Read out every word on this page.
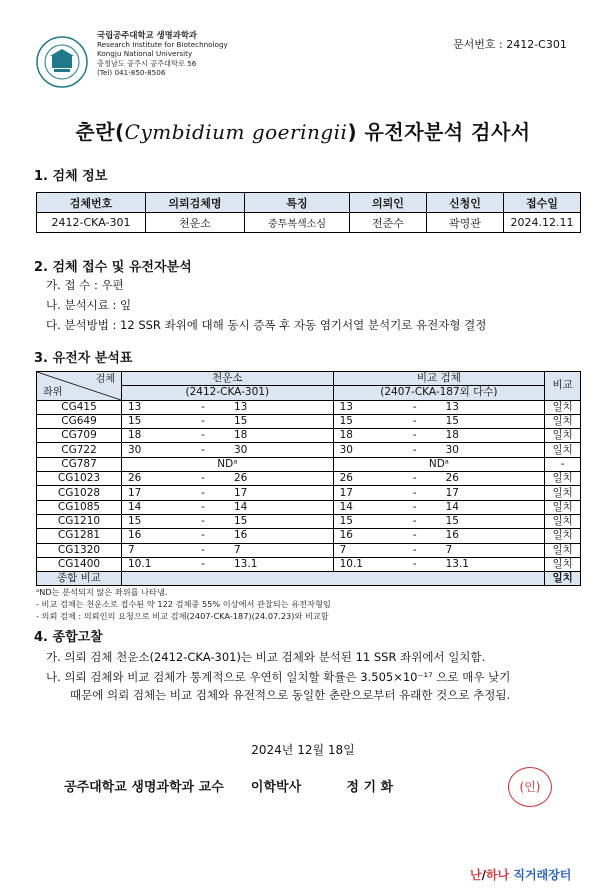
국립공주대학교 생명과학과
Research Institute for Biotechnology
Kongju National University
충청남도 공주시 공주대학로 56
(Tel) 041-850-8506
문서번호 : 2412-C301
춘란(Cymbidium goeringii) 유전자분석 검사서
1. 검체 정보
검체번호	의뢰검체명	특징	의뢰인	신청인	접수일
2412-CKA-301	천운소	중투복색소심	전준수	곽영관	2024.12.11
2. 검체 접수 및 유전자분석
가. 접 수 : 우편
나. 분석시료 : 잎
다. 분석방법 : 12 SSR 좌위에 대해 동시 증폭 후 자동 염기서열 분석기로 유전자형 결정
3. 유전자 분석표
검체
좌위	천운소			비교 검체			비교
	(2412-CKA-301)			(2407-CKA-187외 다수)			
CG415	13	-	13	13	-	13	일치
CG649	15	-	15	15	-	15	일치
CG709	18	-	18	18	-	18	일치
CG722	30	-	30	30	-	30	일치
CG787	NDᵃ			NDᵃ			-
CG1023	26	-	26	26	-	26	일치
CG1028	17	-	17	17	-	17	일치
CG1085	14	-	14	14	-	14	일치
CG1210	15	-	15	15	-	15	일치
CG1281	16	-	16	16	-	16	일치
CG1320	7	-	7	7	-	7	일치
CG1400	10.1	-	13.1	10.1	-	13.1	일치
종합 비교							일치
ᵃND는 분석되지 않은 좌위를 나타냄.
- 비교 검체는 천운소로 접수된 약 122 검체중 55% 이상에서 관찰되는 유전자형임
- 의뢰 검체 : 의뢰인의 요청으로 비교 검체(2407-CKA-187)(24.07.23)와 비교함
4. 종합고찰
가. 의뢰 검체 천운소(2412-CKA-301)는 비교 검체와 분석된 11 SSR 좌위에서 일치함.
나. 의뢰 검체와 비교 검체가 통계적으로 우연히 일치할 확률은 3.505×10⁻¹⁷ 으로 매우 낮기
때문에 의뢰 검체는 비교 검체와 유전적으로 동일한 춘란으로부터 유래한 것으로 추정됨.
2024년 12월 18일
공주대학교 생명과학과 교수      이학박사          정 기 화	(인)
난/하나 직거래장터
